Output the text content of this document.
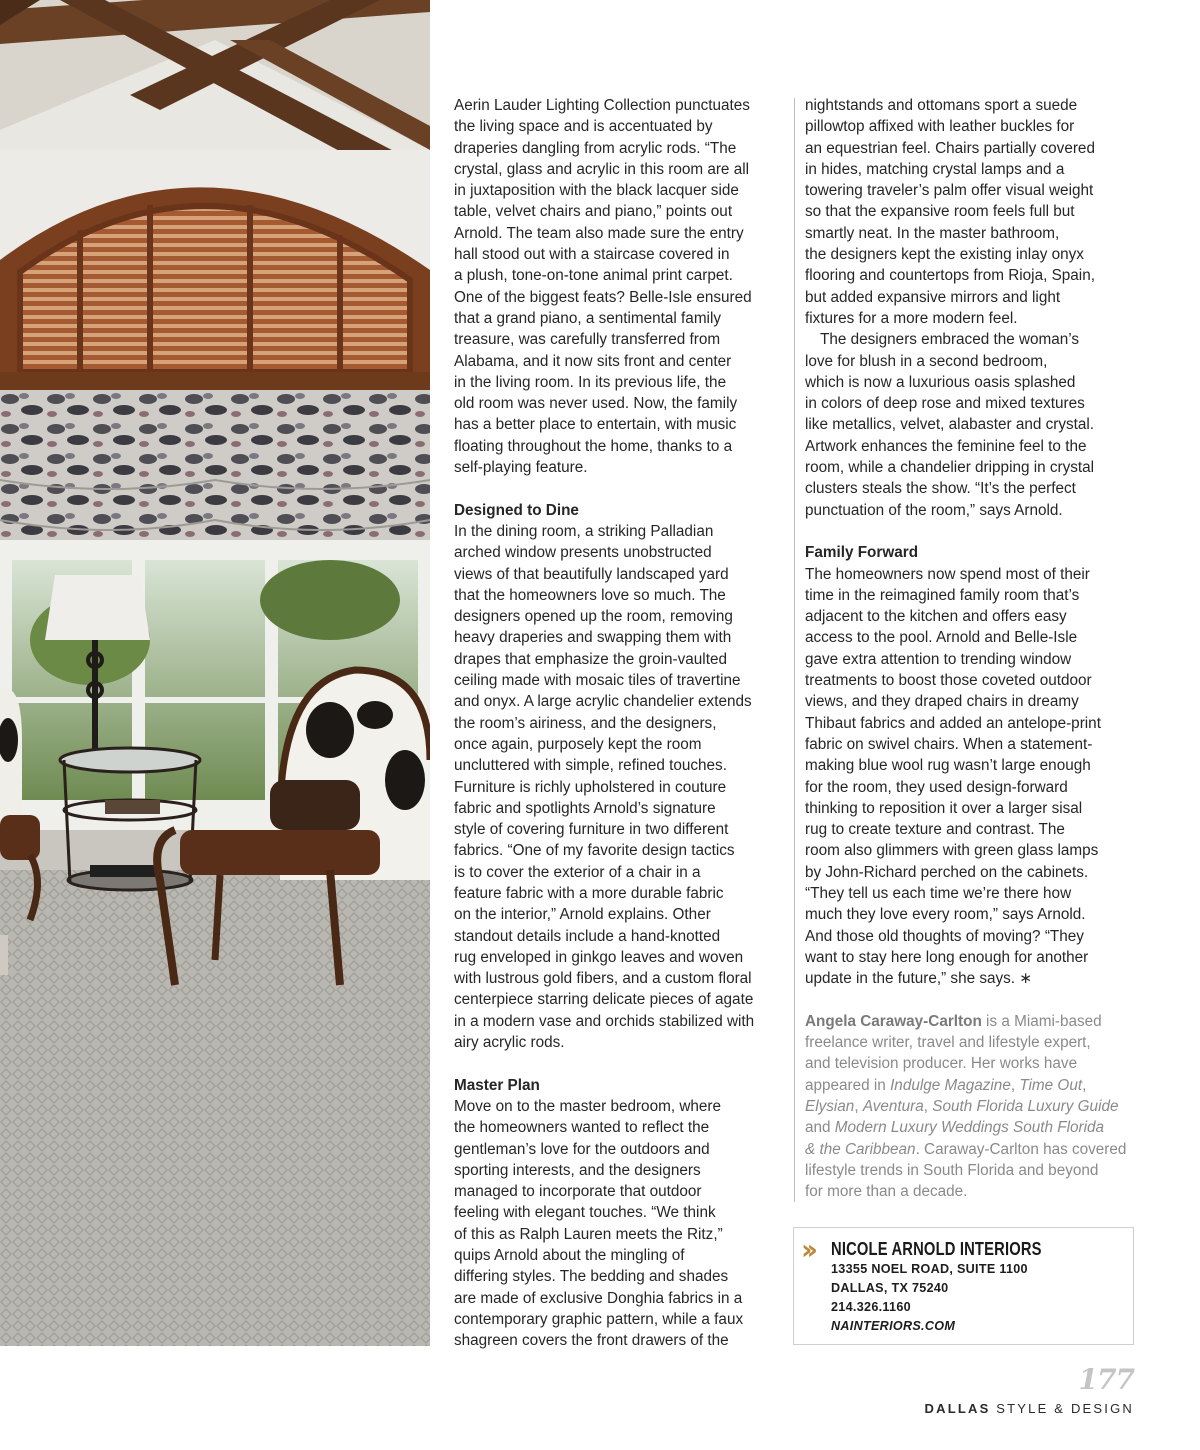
Aerin Lauder Lighting Collection punctuates
the living space and is accentuated by
draperies dangling from acrylic rods. “The
crystal, glass and acrylic in this room are all
in juxtaposition with the black lacquer side
table, velvet chairs and piano,” points out
Arnold. The team also made sure the entry
hall stood out with a staircase covered in
a plush, tone-on-tone animal print carpet.
One of the biggest feats? Belle-Isle ensured
that a grand piano, a sentimental family
treasure, was carefully transferred from
Alabama, and it now sits front and center
in the living room. In its previous life, the
old room was never used. Now, the family
has a better place to entertain, with music
floating throughout the home, thanks to a
self-playing feature.
Designed to Dine
In the dining room, a striking Palladian
arched window presents unobstructed
views of that beautifully landscaped yard
that the homeowners love so much. The
designers opened up the room, removing
heavy draperies and swapping them with
drapes that emphasize the groin-vaulted
ceiling made with mosaic tiles of travertine
and onyx. A large acrylic chandelier extends
the room’s airiness, and the designers,
once again, purposely kept the room
uncluttered with simple, refined touches.
Furniture is richly upholstered in couture
fabric and spotlights Arnold’s signature
style of covering furniture in two different
fabrics. “One of my favorite design tactics
is to cover the exterior of a chair in a
feature fabric with a more durable fabric
on the interior,” Arnold explains. Other
standout details include a hand-knotted
rug enveloped in ginkgo leaves and woven
with lustrous gold fibers, and a custom floral
centerpiece starring delicate pieces of agate
in a modern vase and orchids stabilized with
airy acrylic rods.
Master Plan
Move on to the master bedroom, where
the homeowners wanted to reflect the
gentleman’s love for the outdoors and
sporting interests, and the designers
managed to incorporate that outdoor
feeling with elegant touches. “We think
of this as Ralph Lauren meets the Ritz,”
quips Arnold about the mingling of
differing styles. The bedding and shades
are made of exclusive Donghia fabrics in a
contemporary graphic pattern, while a faux
shagreen covers the front drawers of the
nightstands and ottomans sport a suede
pillowtop affixed with leather buckles for
an equestrian feel. Chairs partially covered
in hides, matching crystal lamps and a
towering traveler’s palm offer visual weight
so that the expansive room feels full but
smartly neat. In the master bathroom,
the designers kept the existing inlay onyx
flooring and countertops from Rioja, Spain,
but added expansive mirrors and light
fixtures for a more modern feel.
The designers embraced the woman’s
love for blush in a second bedroom,
which is now a luxurious oasis splashed
in colors of deep rose and mixed textures
like metallics, velvet, alabaster and crystal.
Artwork enhances the feminine feel to the
room, while a chandelier dripping in crystal
clusters steals the show. “It’s the perfect
punctuation of the room,” says Arnold.
Family Forward
The homeowners now spend most of their
time in the reimagined family room that’s
adjacent to the kitchen and offers easy
access to the pool. Arnold and Belle-Isle
gave extra attention to trending window
treatments to boost those coveted outdoor
views, and they draped chairs in dreamy
Thibaut fabrics and added an antelope-print
fabric on swivel chairs. When a statement-
making blue wool rug wasn’t large enough
for the room, they used design-forward
thinking to reposition it over a larger sisal
rug to create texture and contrast. The
room also glimmers with green glass lamps
by John-Richard perched on the cabinets.
“They tell us each time we’re there how
much they love every room,” says Arnold.
And those old thoughts of moving? “They
want to stay here long enough for another
update in the future,” she says. ∗
Angela Caraway-Carlton is a Miami-based
freelance writer, travel and lifestyle expert,
and television producer. Her works have
appeared in Indulge Magazine, Time Out,
Elysian, Aventura, South Florida Luxury Guide
and Modern Luxury Weddings South Florida
& the Caribbean. Caraway-Carlton has covered
lifestyle trends in South Florida and beyond
for more than a decade.
›› NICOLE ARNOLD INTERIORS
13355 NOEL ROAD, SUITE 1100
DALLAS, TX 75240
214.326.1160
NAINTERIORS.COM
177
DALLAS STYLE & DESIGN
